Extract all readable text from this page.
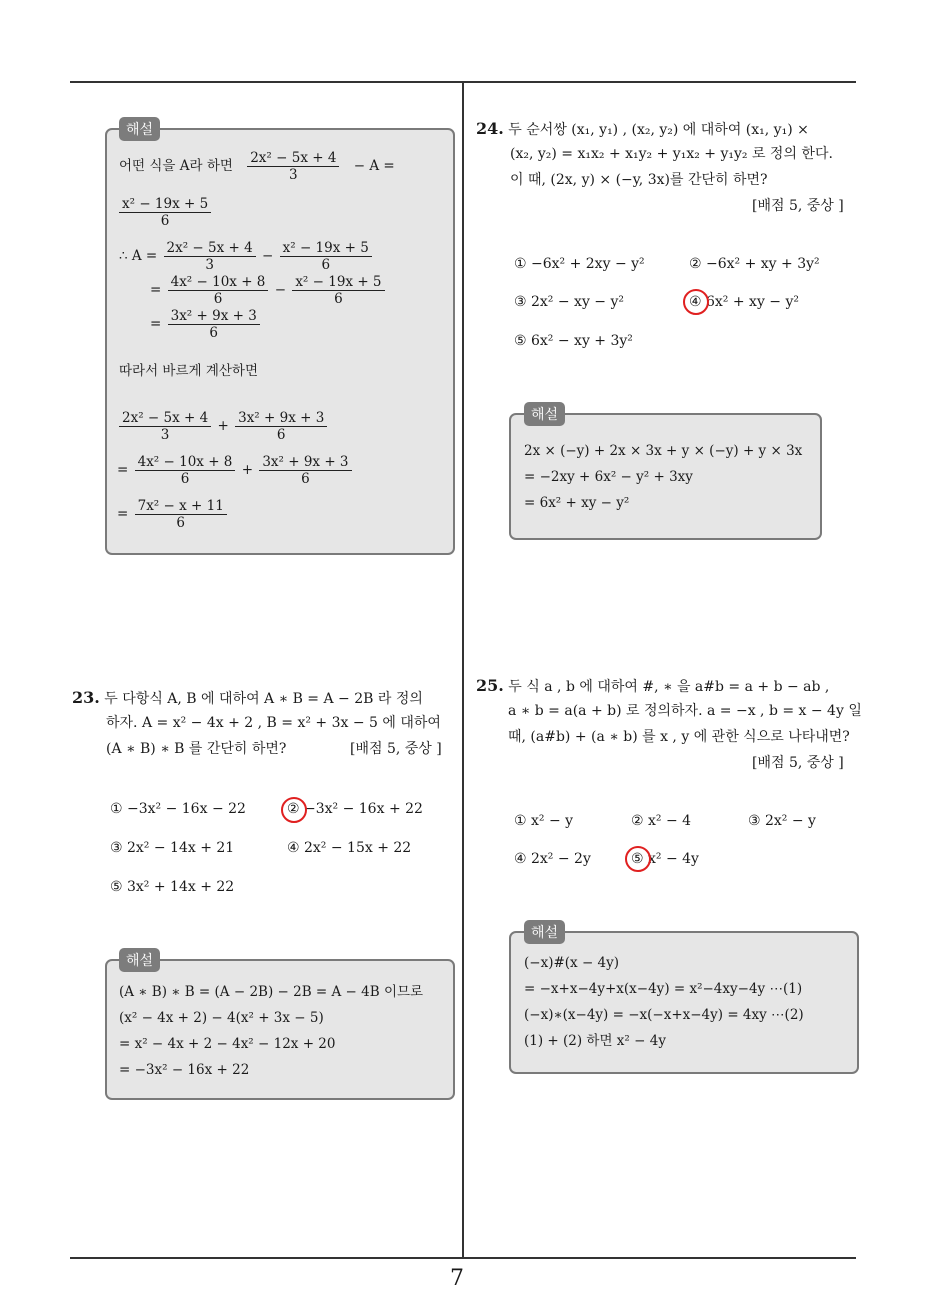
해설
어떤 식을 A라 하면 $\frac{\text{2x² − 5x + 4}}{3} - A$ =
$\frac{\text{x² − 19x + 5}}{6}$
∴ $A = \frac{\text{2x² − 5x + 4}}{3} - \frac{\text{x² − 19x + 5}}{6}$
= $\frac{\text{4x² − 10x + 8}}{6} - \frac{\text{x² − 19x + 5}}{6}$
= $\frac{\text{3x² + 9x + 3}}{6}$
따라서 바르게 계산하면
$\frac{\text{2x² − 5x + 4}}{3} + \frac{\text{3x² + 9x + 3}}{6}$
= $\frac{\text{4x² − 10x + 8}}{6} + \frac{\text{3x² + 9x + 3}}{6}$
= $\frac{\text{7x² − x + 11}}{6}$
23. 두 다항식 A, B 에 대하여 A ∗ B = A − 2B 라 정의
하자. A = x² − 4x + 2 , B = x² + 3x − 5 에 대하여
(A ∗ B) ∗ B 를 간단히 하면?	[배점 5, 중상 ]
① −3x² − 16x − 22	② −3x² − 16x + 22
③ 2x² − 14x + 21	④ 2x² − 15x + 22
⑤ 3x² + 14x + 22
해설
(A ∗ B) ∗ B = (A − 2B) − 2B = A − 4B 이므로
(x² − 4x + 2) − 4(x² + 3x − 5)
= x² − 4x + 2 − 4x² − 12x + 20
= −3x² − 16x + 22
24. 두 순서쌍 (x₁, y₁) , (x₂, y₂) 에 대하여 (x₁, y₁) ×
(x₂, y₂) = x₁x₂ + x₁y₂ + y₁x₂ + y₁y₂ 로 정의 한다.
이 때, (2x, y) × (−y, 3x)를 간단히 하면?
[배점 5, 중상 ]
① −6x² + 2xy − y²	② −6x² + xy + 3y²
③ 2x² − xy − y²	④ 6x² + xy − y²
⑤ 6x² − xy + 3y²
해설
2x × (−y) + 2x × 3x + y × (−y) + y × 3x
= −2xy + 6x² − y² + 3xy
= 6x² + xy − y²
25. 두 식 a , b 에 대하여 #, ∗ 을 a#b = a + b − ab ,
a ∗ b = a(a + b) 로 정의하자. a = −x , b = x − 4y 일
때, (a#b) + (a ∗ b) 를 x , y 에 관한 식으로 나타내면?
[배점 5, 중상 ]
① x² − y	② x² − 4	③ 2x² − y
④ 2x² − 2y	⑤ x² − 4y
해설
(−x)#(x − 4y)
= −x+x−4y+x(x−4y) = x²−4xy−4y ⋯(1)
(−x)∗(x−4y) = −x(−x+x−4y) = 4xy ⋯(2)
(1) + (2) 하면 x² − 4y
7
